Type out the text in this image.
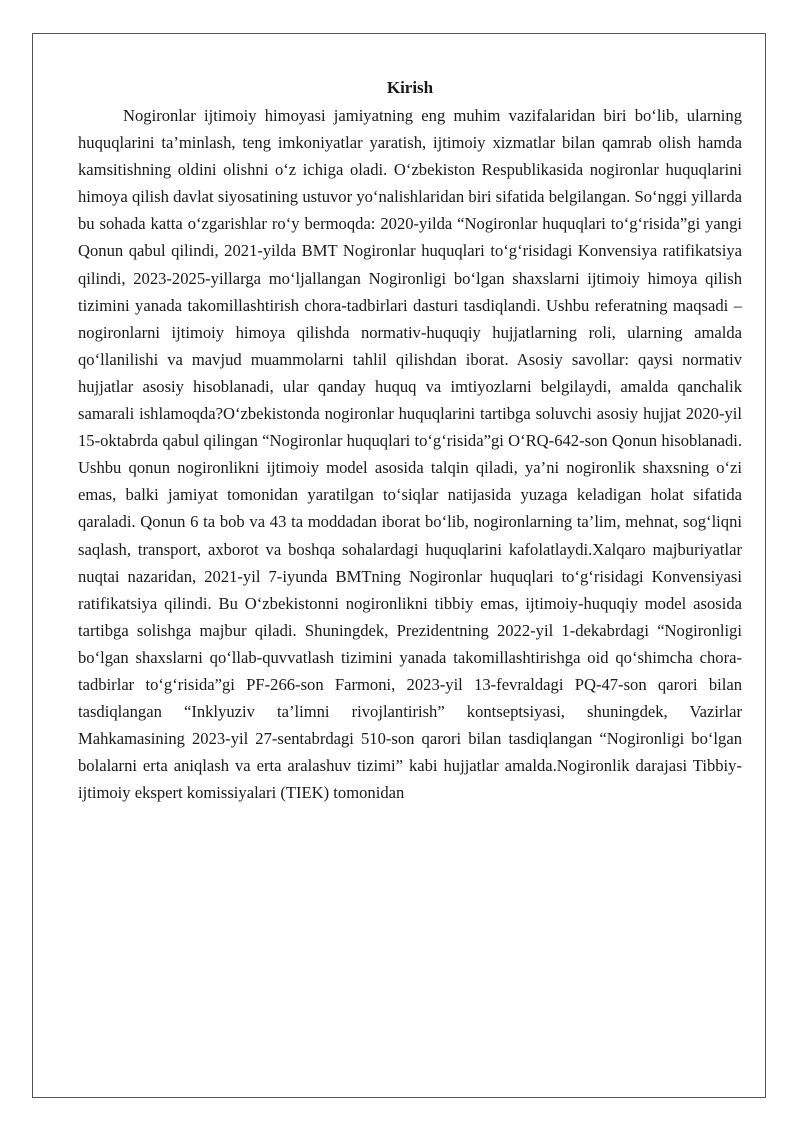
Kirish

Nogironlar ijtimoiy himoyasi jamiyatning eng muhim vazifalaridan biri bo‘lib, ularning huquqlarini ta’minlash, teng imkoniyatlar yaratish, ijtimoiy xizmatlar bilan qamrab olish hamda kamsitishning oldini olishni o‘z ichiga oladi. O‘zbekiston Respublikasida nogironlar huquqlarini himoya qilish davlat siyosatining ustuvor yo‘nalishlaridan biri sifatida belgilangan. So‘nggi yillarda bu sohada katta o‘zgarishlar ro‘y bermoqda: 2020-yilda “Nogironlar huquqlari to‘g‘risida”gi yangi Qonun qabul qilindi, 2021-yilda BMT Nogironlar huquqlari to‘g‘risidagi Konvensiya ratifikatsiya qilindi, 2023-2025-yillarga mo‘ljallangan Nogironligi bo‘lgan shaxslarni ijtimoiy himoya qilish tizimini yanada takomillashtirish chora-tadbirlari dasturi tasdiqlandi. Ushbu referatning maqsadi – nogironlarni ijtimoiy himoya qilishda normativ-huquqiy hujjatlarning roli, ularning amalda qo‘llanilishi va mavjud muammolarni tahlil qilishdan iborat. Asosiy savollar: qaysi normativ hujjatlar asosiy hisoblanadi, ular qanday huquq va imtiyozlarni belgilaydi, amalda qanchalik samarali ishlamoqda?O‘zbekistonda nogironlar huquqlarini tartibga soluvchi asosiy hujjat 2020-yil 15-oktabrda qabul qilingan “Nogironlar huquqlari to‘g‘risida”gi O‘RQ-642-son Qonun hisoblanadi. Ushbu qonun nogironlikni ijtimoiy model asosida talqin qiladi, ya’ni nogironlik shaxsning o‘zi emas, balki jamiyat tomonidan yaratilgan to‘siqlar natijasida yuzaga keladigan holat sifatida qaraladi. Qonun 6 ta bob va 43 ta moddadan iborat bo‘lib, nogironlarning ta’lim, mehnat, sog‘liqni saqlash, transport, axborot va boshqa sohalardagi huquqlarini kafolatlaydi.Xalqaro majburiyatlar nuqtai nazaridan, 2021-yil 7-iyunda BMTning Nogironlar huquqlari to‘g‘risidagi Konvensiyasi ratifikatsiya qilindi. Bu O‘zbekistonni nogironlikni tibbiy emas, ijtimoiy-huquqiy model asosida tartibga solishga majbur qiladi. Shuningdek, Prezidentning 2022-yil 1-dekabrdagi “Nogironligi bo‘lgan shaxslarni qo‘llab-quvvatlash tizimini yanada takomillashtirishga oid qo‘shimcha chora-tadbirlar to‘g‘risida”gi PF-266-son Farmoni, 2023-yil 13-fevraldagi PQ-47-son qarori bilan tasdiqlangan “Inklyuziv ta’limni rivojlantirish” kontseptsiyasi, shuningdek, Vazirlar Mahkamasining 2023-yil 27-sentabrdagi 510-son qarori bilan tasdiqlangan “Nogironligi bo‘lgan bolalarni erta aniqlash va erta aralashuv tizimi” kabi hujjatlar amalda.Nogironlik darajasi Tibbiy-ijtimoiy ekspert komissiyalari (TIEK) tomonidan
